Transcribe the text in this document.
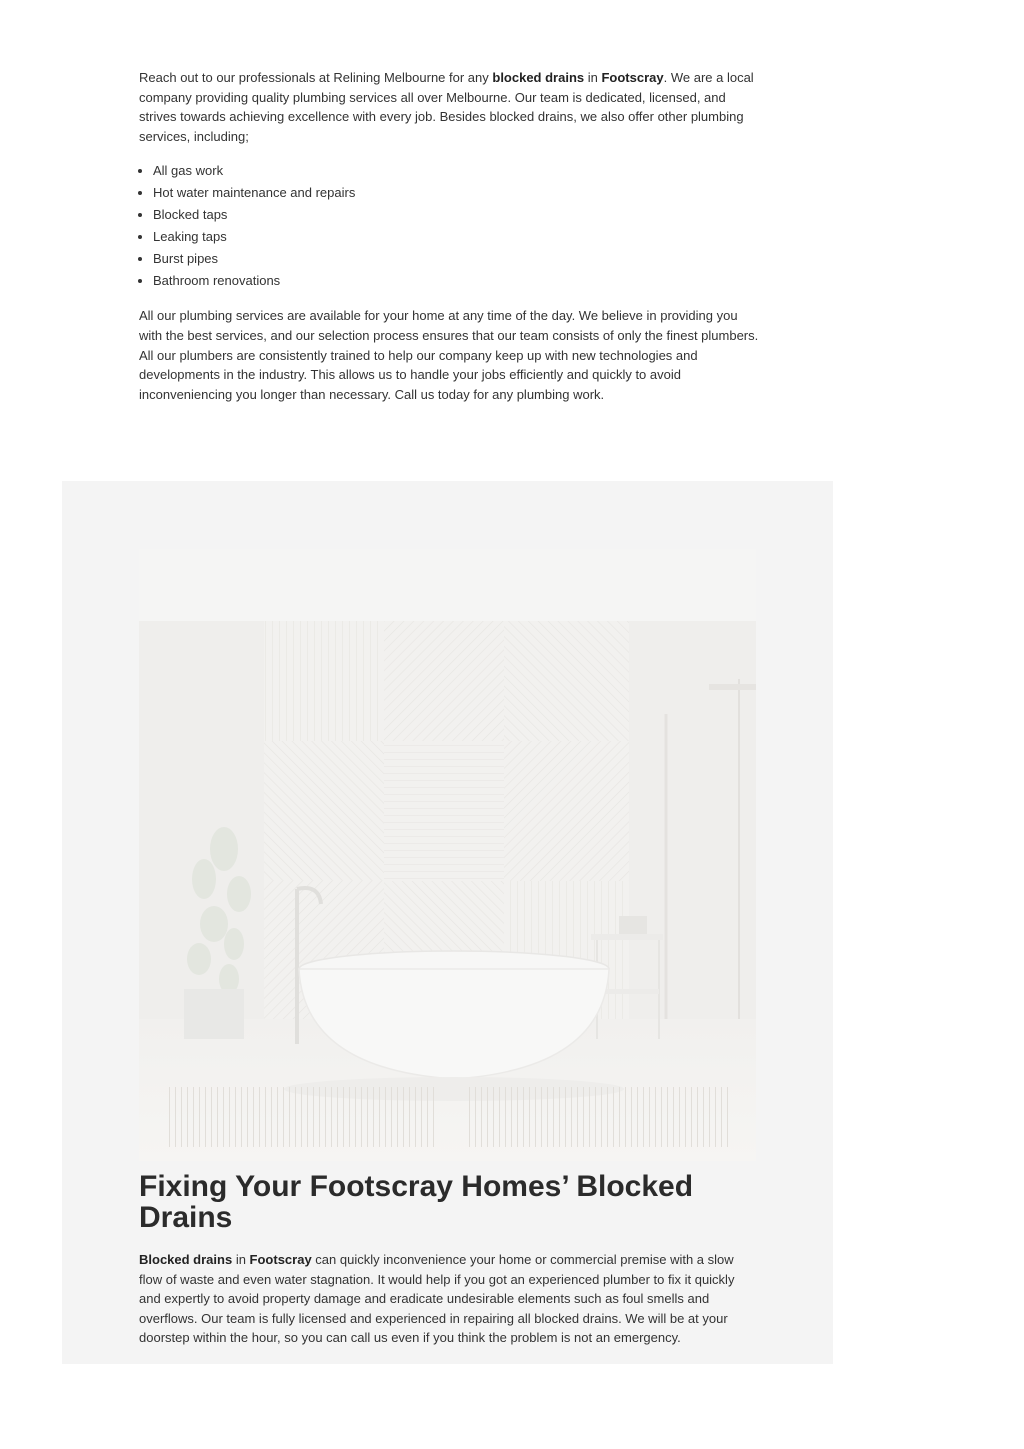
Reach out to our professionals at Relining Melbourne for any blocked drains in Footscray. We are a local company providing quality plumbing services all over Melbourne. Our team is dedicated, licensed, and strives towards achieving excellence with every job. Besides blocked drains, we also offer other plumbing services, including;

• All gas work
• Hot water maintenance and repairs
• Blocked taps
• Leaking taps
• Burst pipes
• Bathroom renovations

All our plumbing services are available for your home at any time of the day. We believe in providing you with the best services, and our selection process ensures that our team consists of only the finest plumbers. All our plumbers are consistently trained to help our company keep up with new technologies and developments in the industry. This allows us to handle your jobs efficiently and quickly to avoid inconveniencing you longer than necessary. Call us today for any plumbing work.

Fixing Your Footscray Homes’ Blocked Drains

Blocked drains in Footscray can quickly inconvenience your home or commercial premise with a slow flow of waste and even water stagnation. It would help if you got an experienced plumber to fix it quickly and expertly to avoid property damage and eradicate undesirable elements such as foul smells and overflows. Our team is fully licensed and experienced in repairing all blocked drains. We will be at your doorstep within the hour, so you can call us even if you think the problem is not an emergency.
